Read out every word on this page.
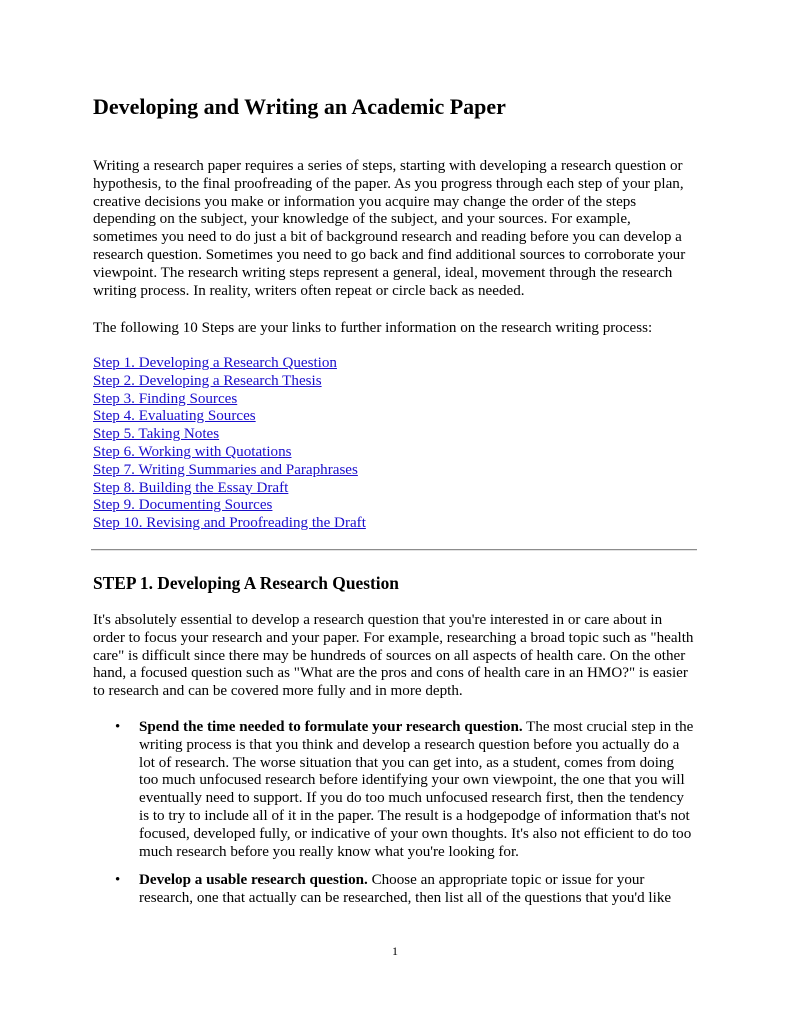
Developing and Writing an Academic Paper

Writing a research paper requires a series of steps, starting with developing a research question or hypothesis, to the final proofreading of the paper. As you progress through each step of your plan, creative decisions you make or information you acquire may change the order of the steps depending on the subject, your knowledge of the subject, and your sources. For example, sometimes you need to do just a bit of background research and reading before you can develop a research question. Sometimes you need to go back and find additional sources to corroborate your viewpoint. The research writing steps represent a general, ideal, movement through the research writing process. In reality, writers often repeat or circle back as needed.

The following 10 Steps are your links to further information on the research writing process:

Step 1. Developing a Research Question
Step 2. Developing a Research Thesis
Step 3. Finding Sources
Step 4. Evaluating Sources
Step 5. Taking Notes
Step 6. Working with Quotations
Step 7. Writing Summaries and Paraphrases
Step 8. Building the Essay Draft
Step 9. Documenting Sources
Step 10. Revising and Proofreading the Draft
STEP 1. Developing A Research Question

It's absolutely essential to develop a research question that you're interested in or care about in order to focus your research and your paper. For example, researching a broad topic such as "health care" is difficult since there may be hundreds of sources on all aspects of health care. On the other hand, a focused question such as "What are the pros and cons of health care in an HMO?" is easier to research and can be covered more fully and in more depth.

• Spend the time needed to formulate your research question. The most crucial step in the writing process is that you think and develop a research question before you actually do a lot of research. The worse situation that you can get into, as a student, comes from doing too much unfocused research before identifying your own viewpoint, the one that you will eventually need to support. If you do too much unfocused research first, then the tendency is to try to include all of it in the paper. The result is a hodgepodge of information that's not focused, developed fully, or indicative of your own thoughts. It's also not efficient to do too much research before you really know what you're looking for.
• Develop a usable research question. Choose an appropriate topic or issue for your research, one that actually can be researched, then list all of the questions that you'd like
1
